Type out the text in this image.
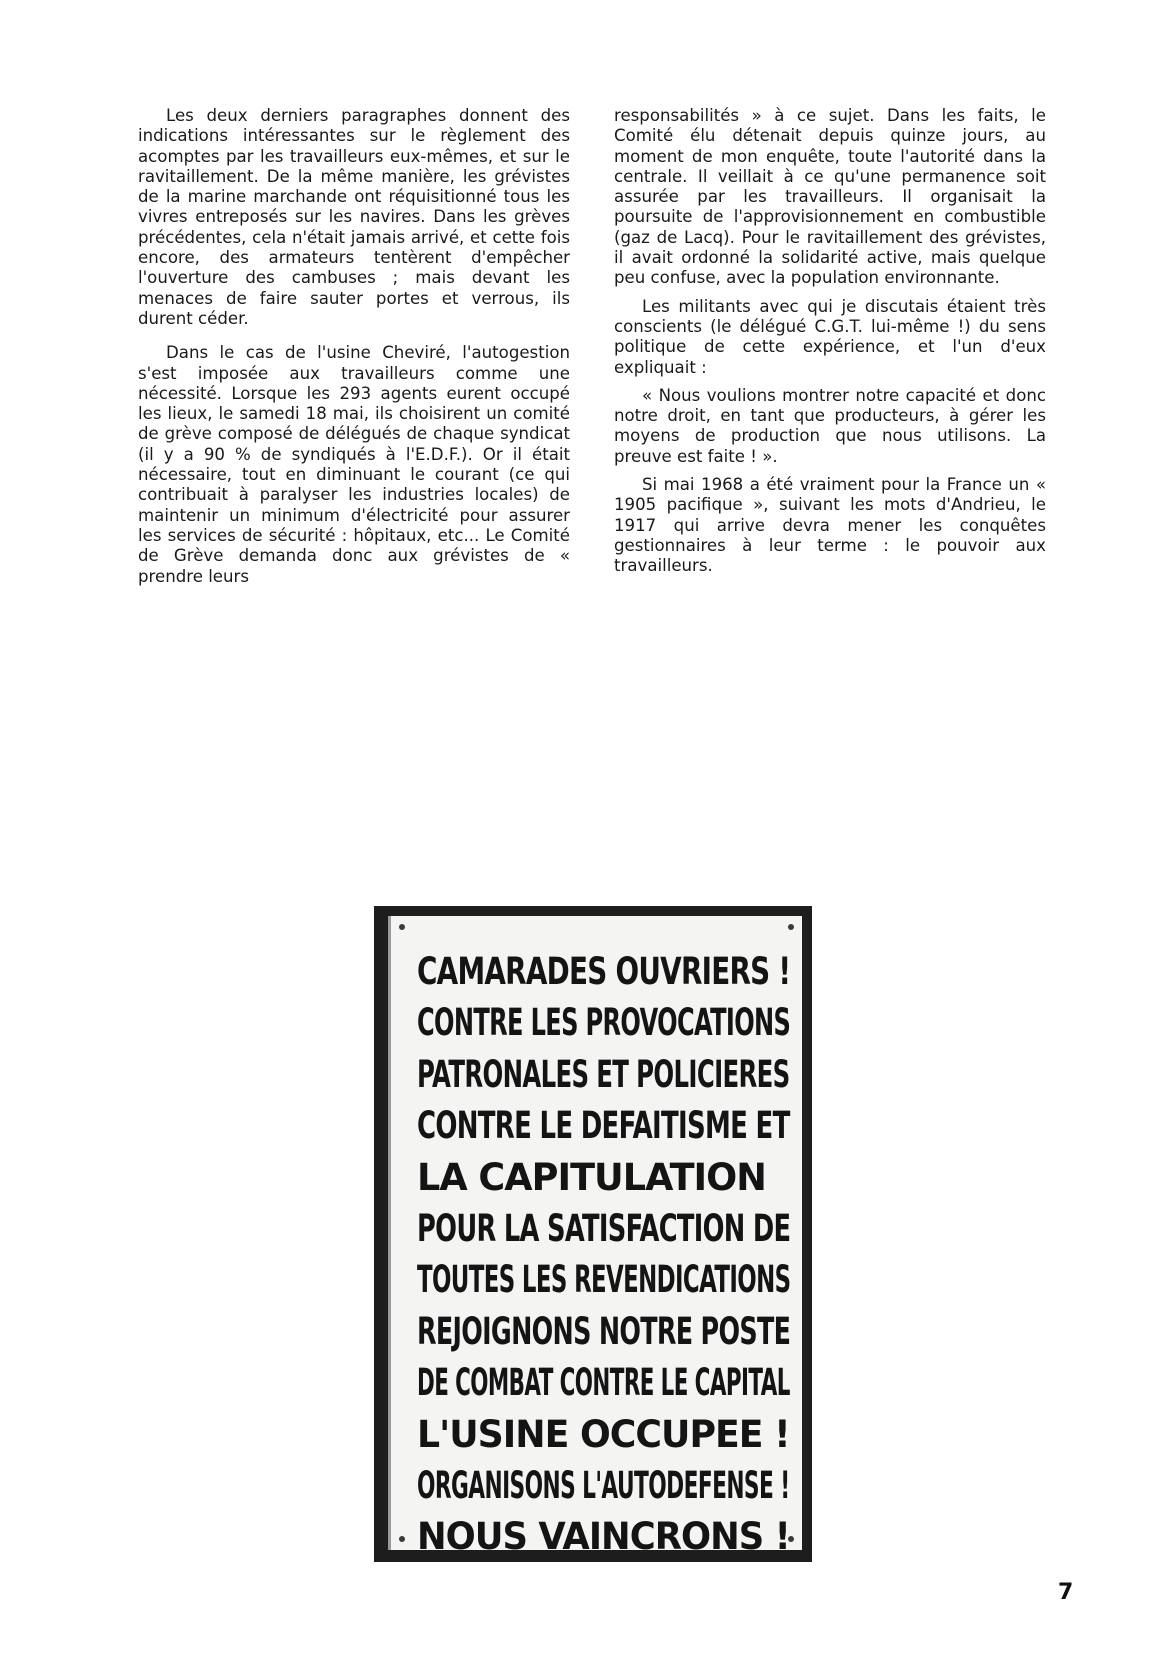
Les deux derniers paragraphes donnent des indications intéressantes sur le règlement des acomptes par les travailleurs eux-mêmes, et sur le ravitaillement. De la même manière, les grévistes de la marine marchande ont réquisitionné tous les vivres entreposés sur les navires. Dans les grèves précédentes, cela n'était jamais arrivé, et cette fois encore, des armateurs tentèrent d'empêcher l'ouverture des cambuses ; mais devant les menaces de faire sauter portes et verrous, ils durent céder.

Dans le cas de l'usine Cheviré, l'autogestion s'est imposée aux travailleurs comme une nécessité. Lorsque les 293 agents eurent occupé les lieux, le samedi 18 mai, ils choisirent un comité de grève composé de délégués de chaque syndicat (il y a 90 % de syndiqués à l'E.D.F.). Or il était nécessaire, tout en diminuant le courant (ce qui contribuait à paralyser les industries locales) de maintenir un minimum d'électricité pour assurer les services de sécurité : hôpitaux, etc... Le Comité de Grève demanda donc aux grévistes de « prendre leurs

responsabilités » à ce sujet. Dans les faits, le Comité élu détenait depuis quinze jours, au moment de mon enquête, toute l'autorité dans la centrale. Il veillait à ce qu'une permanence soit assurée par les travailleurs. Il organisait la poursuite de l'approvisionnement en combustible (gaz de Lacq). Pour le ravitaillement des grévistes, il avait ordonné la solidarité active, mais quelque peu confuse, avec la population environnante.

Les militants avec qui je discutais étaient très conscients (le délégué C.G.T. lui-même !) du sens politique de cette expérience, et l'un d'eux expliquait :

« Nous voulions montrer notre capacité et donc notre droit, en tant que producteurs, à gérer les moyens de production que nous utilisons. La preuve est faite ! ».

Si mai 1968 a été vraiment pour la France un « 1905 pacifique », suivant les mots d'Andrieu, le 1917 qui arrive devra mener les conquêtes gestionnaires à leur terme : le pouvoir aux travailleurs.

CAMARADES OUVRIERS !
CONTRE LES PROVOCATIONS
PATRONALES ET POLICIERES
CONTRE LE DEFAITISME ET
LA CAPITULATION
POUR LA SATISFACTION DE
TOUTES LES REVENDICATIONS
REJOIGNONS NOTRE POSTE
DE COMBAT CONTRE LE CAPITAL
L'USINE OCCUPEE !
ORGANISONS L'AUTODEFENSE !
NOUS VAINCRONS !
7
